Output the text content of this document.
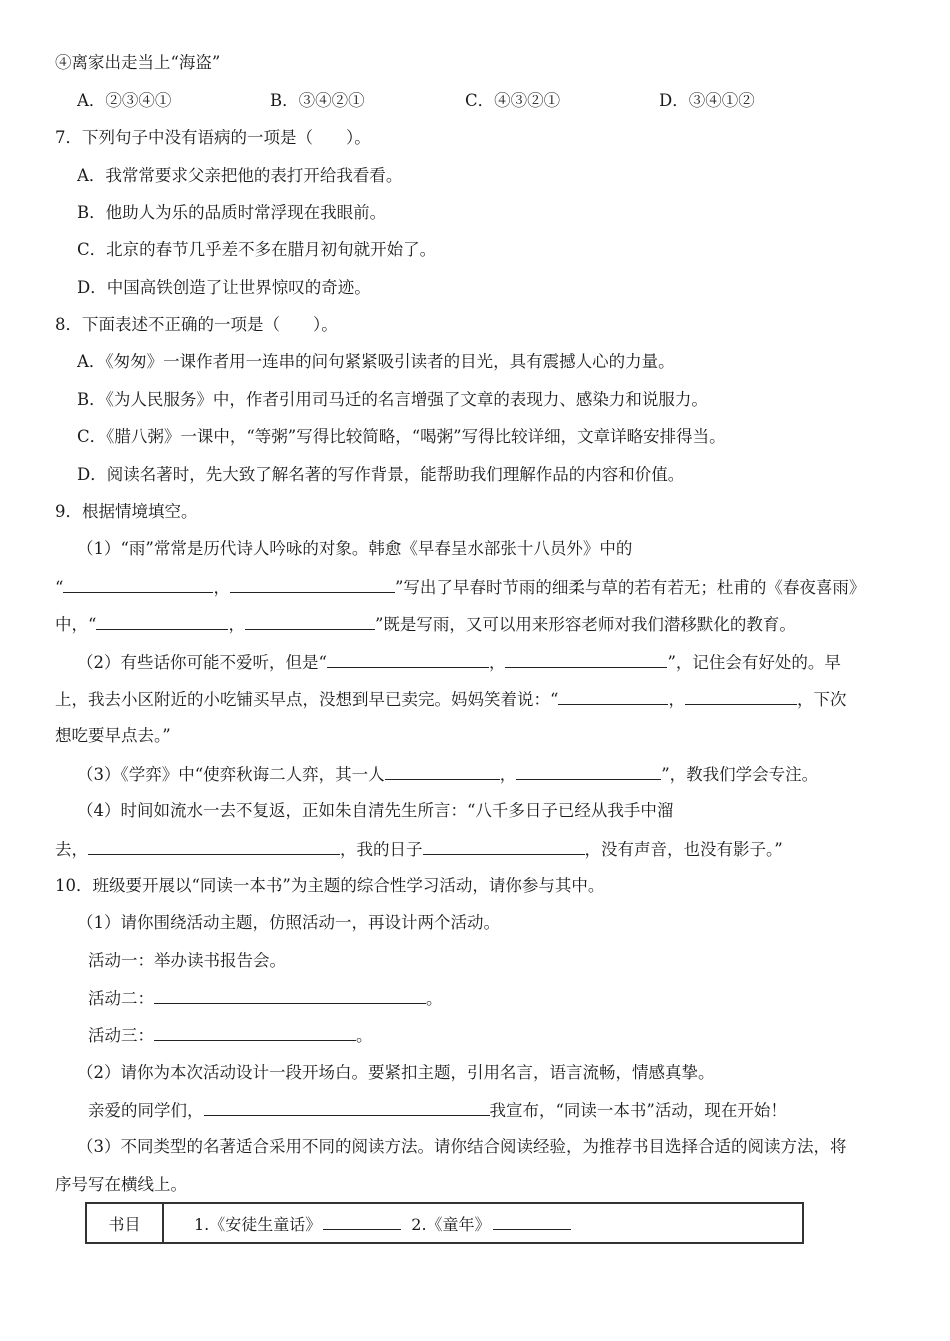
④离家出走当上“海盗”
A．②③④①	B．③④②①	C．④③②①	D．③④①②
7．下列句子中没有语病的一项是（　　）。
A．我常常要求父亲把他的表打开给我看看。
B．他助人为乐的品质时常浮现在我眼前。
C．北京的春节几乎差不多在腊月初旬就开始了。
D．中国高铁创造了让世界惊叹的奇迹。
8．下面表述不正确的一项是（　　）。
A．《匆匆》一课作者用一连串的问句紧紧吸引读者的目光，具有震撼人心的力量。
B．《为人民服务》中，作者引用司马迁的名言增强了文章的表现力、感染力和说服力。
C．《腊八粥》一课中，“等粥”写得比较简略，“喝粥”写得比较详细，文章详略安排得当。
D．阅读名著时，先大致了解名著的写作背景，能帮助我们理解作品的内容和价值。
9．根据情境填空。
（1）“雨”常常是历代诗人吟咏的对象。韩愈《早春呈水部张十八员外》中的
“	，	”写出了早春时节雨的细柔与草的若有若无；杜甫的《春夜喜雨》
中，“	，	”既是写雨，又可以用来形容老师对我们潜移默化的教育。
（2）有些话你可能不爱听，但是“	，	”，记住会有好处的。早
上，我去小区附近的小吃铺买早点，没想到早已卖完。妈妈笑着说：“	，	，下次
想吃要早点去。”
（3）《学弈》中“使弈秋诲二人弈，其一人	，	”，教我们学会专注。
（4）时间如流水一去不复返，正如朱自清先生所言：“八千多日子已经从我手中溜
去，	，我的日子	，没有声音，也没有影子。”
10．班级要开展以“同读一本书”为主题的综合性学习活动，请你参与其中。
（1）请你围绕活动主题，仿照活动一，再设计两个活动。
活动一：举办读书报告会。
活动二：	。
活动三：	。
（2）请你为本次活动设计一段开场白。要紧扣主题，引用名言，语言流畅，情感真挚。
亲爱的同学们，	我宣布，“同读一本书”活动，现在开始！
（3）不同类型的名著适合采用不同的阅读方法。请你结合阅读经验，为推荐书目选择合适的阅读方法，将
序号写在横线上。
书目	1.《安徒生童话》	2.《童年》
